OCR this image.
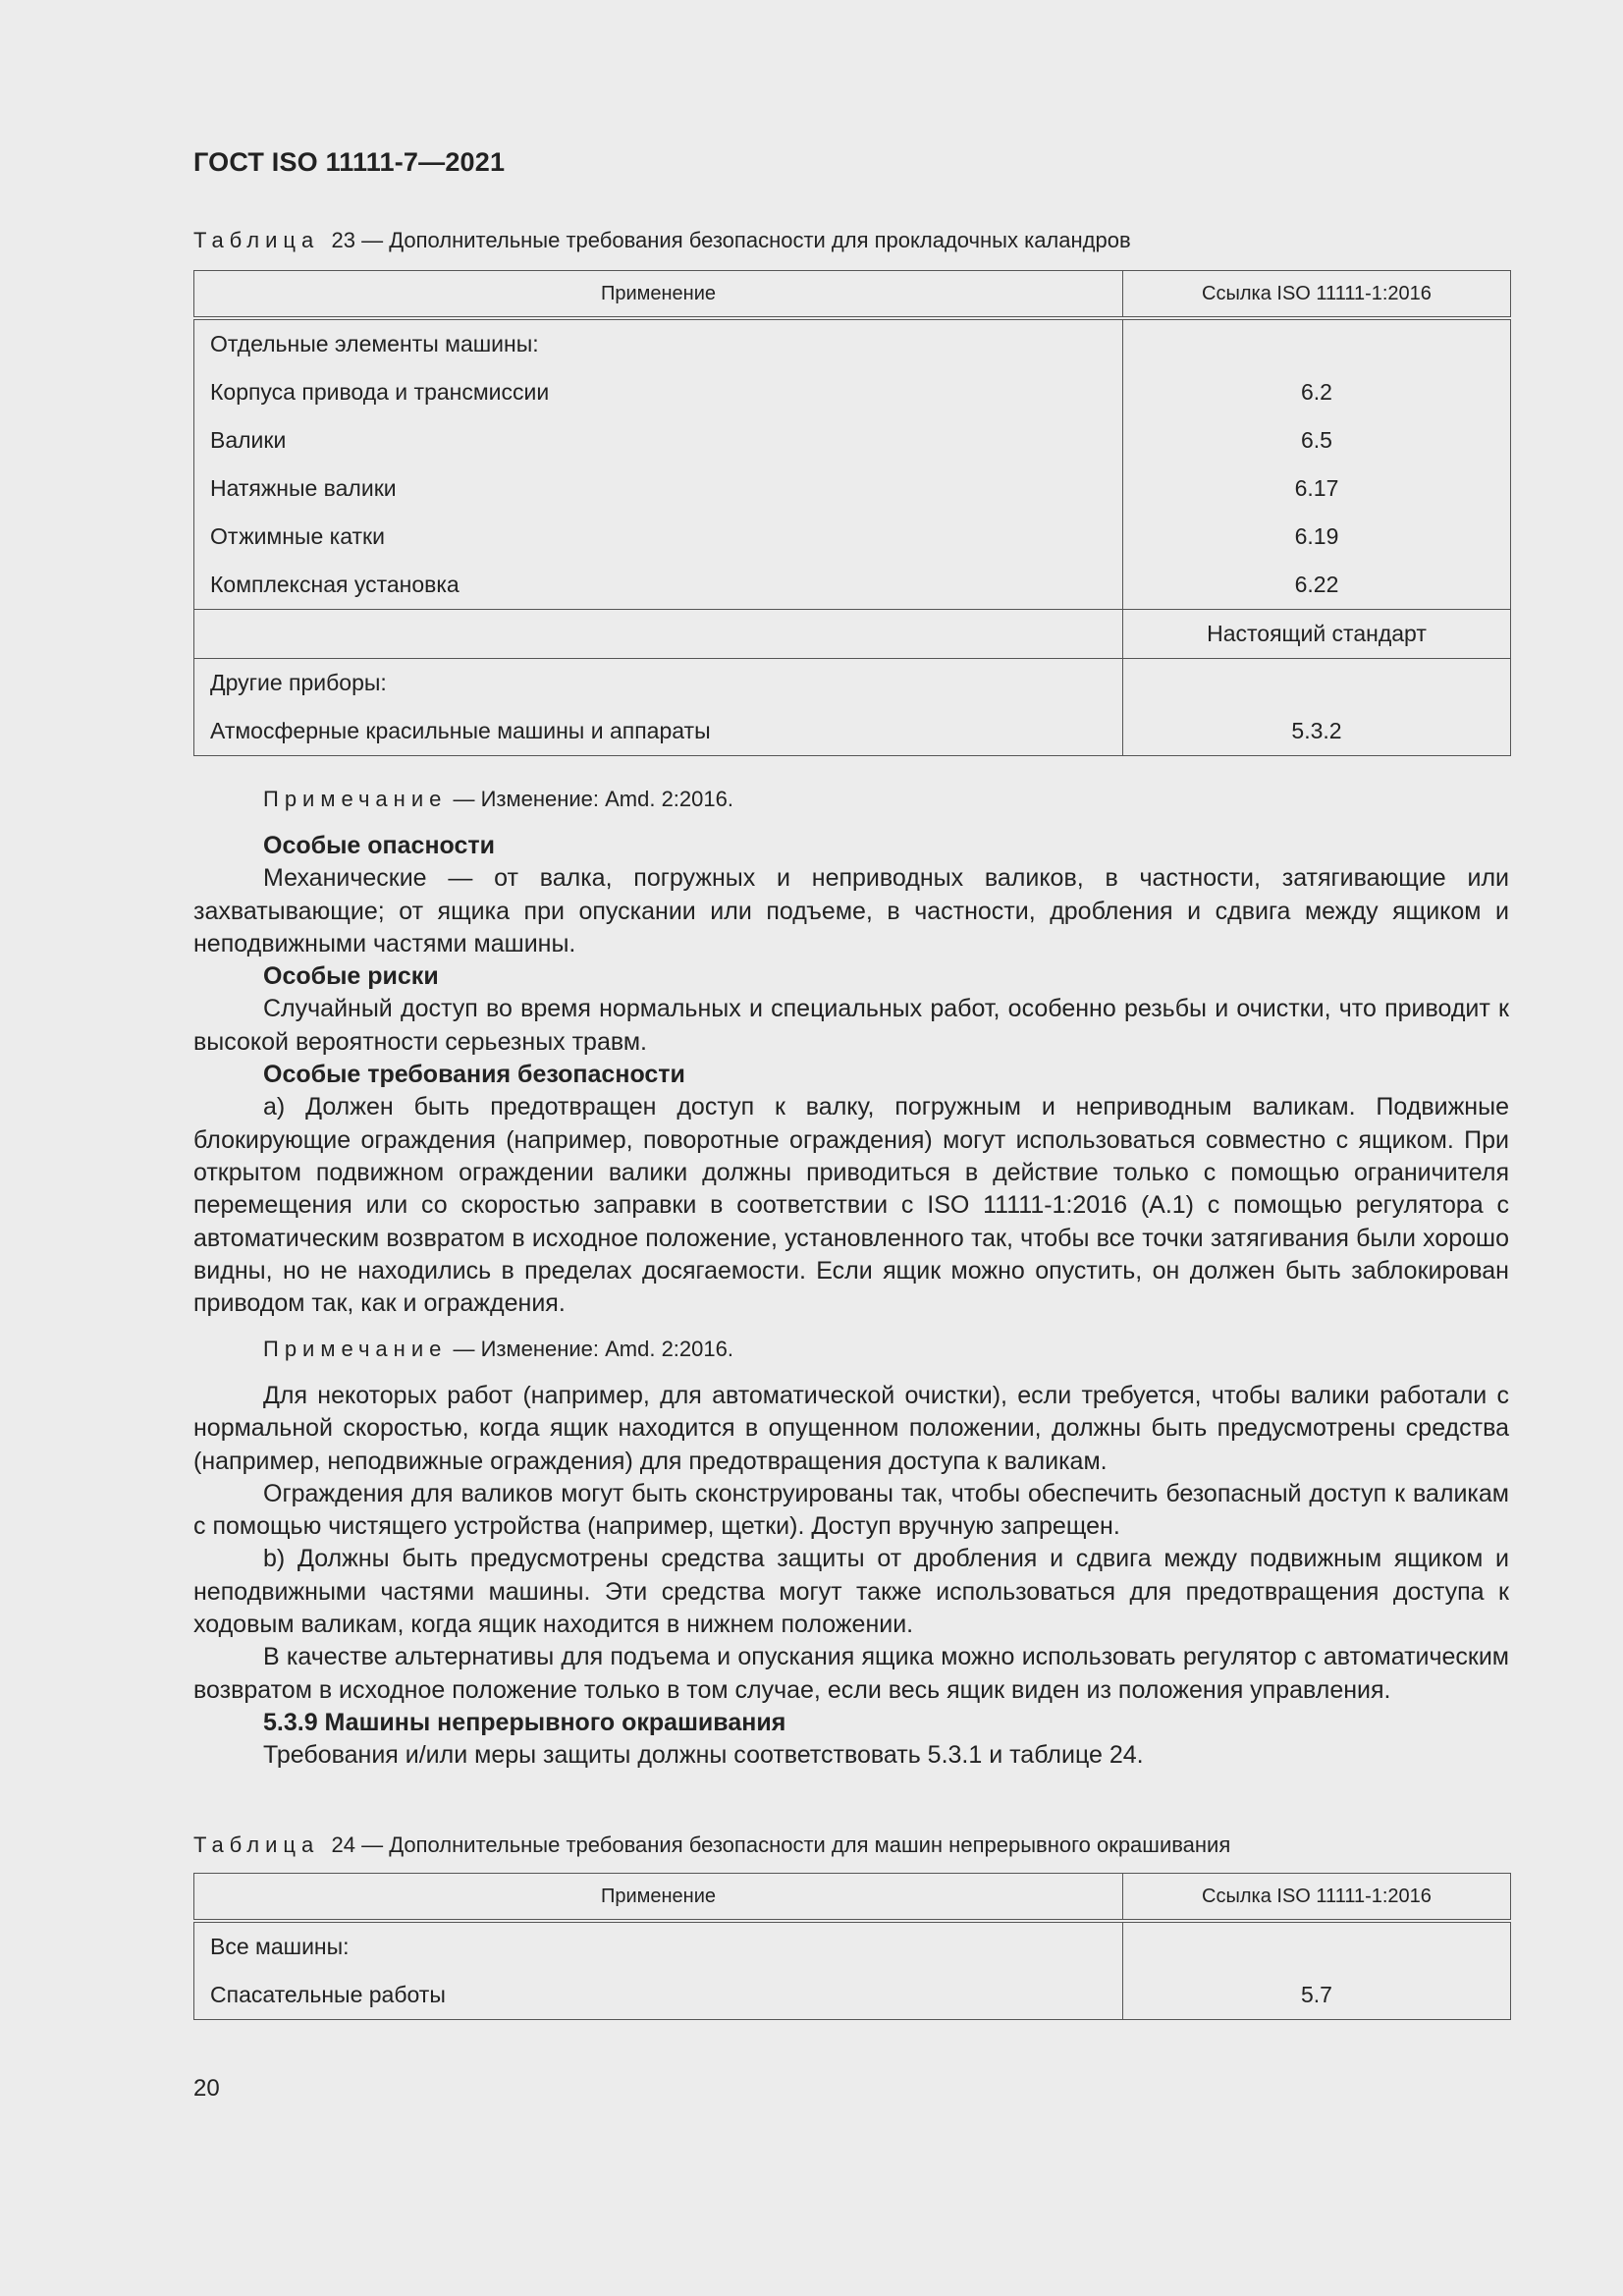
ГОСТ ISO 11111-7—2021
Таблица 23 — Дополнительные требования безопасности для прокладочных каландров
Применение	Ссылка ISO 11111-1:2016
Отдельные элементы машины:	
Корпуса привода и трансмиссии	6.2
Валики	6.5
Натяжные валики	6.17
Отжимные катки	6.19
Комплексная установка	6.22
	Настоящий стандарт
Другие приборы:	
Атмосферные красильные машины и аппараты	5.3.2
Примечание — Изменение: Amd. 2:2016.

Особые опасности

Механические — от валка, погружных и неприводных валиков, в частности, затягивающие или захватывающие; от ящика при опускании или подъеме, в частности, дробления и сдвига между ящиком и неподвижными частями машины.

Особые риски

Случайный доступ во время нормальных и специальных работ, особенно резьбы и очистки, что приводит к высокой вероятности серьезных травм.

Особые требования безопасности

a) Должен быть предотвращен доступ к валку, погружным и неприводным валикам. Подвижные блокирующие ограждения (например, поворотные ограждения) могут использоваться совместно с ящиком. При открытом подвижном ограждении валики должны приводиться в действие только с помощью ограничителя перемещения или со скоростью заправки в соответствии с ISO 11111-1:2016 (А.1) с помощью регулятора с автоматическим возвратом в исходное положение, установленного так, чтобы все точки затягивания были хорошо видны, но не находились в пределах досягаемости. Если ящик можно опустить, он должен быть заблокирован приводом так, как и ограждения.

Примечание — Изменение: Amd. 2:2016.

Для некоторых работ (например, для автоматической очистки), если требуется, чтобы валики работали с нормальной скоростью, когда ящик находится в опущенном положении, должны быть предусмотрены средства (например, неподвижные ограждения) для предотвращения доступа к валикам.

Ограждения для валиков могут быть сконструированы так, чтобы обеспечить безопасный доступ к валикам с помощью чистящего устройства (например, щетки). Доступ вручную запрещен.

b) Должны быть предусмотрены средства защиты от дробления и сдвига между подвижным ящиком и неподвижными частями машины. Эти средства могут также использоваться для предотвращения доступа к ходовым валикам, когда ящик находится в нижнем положении.

В качестве альтернативы для подъема и опускания ящика можно использовать регулятор с автоматическим возвратом в исходное положение только в том случае, если весь ящик виден из положения управления.

5.3.9 Машины непрерывного окрашивания

Требования и/или меры защиты должны соответствовать 5.3.1 и таблице 24.

Таблица 24 — Дополнительные требования безопасности для машин непрерывного окрашивания
Применение	Ссылка ISO 11111-1:2016
Все машины:	
Спасательные работы	5.7
20
